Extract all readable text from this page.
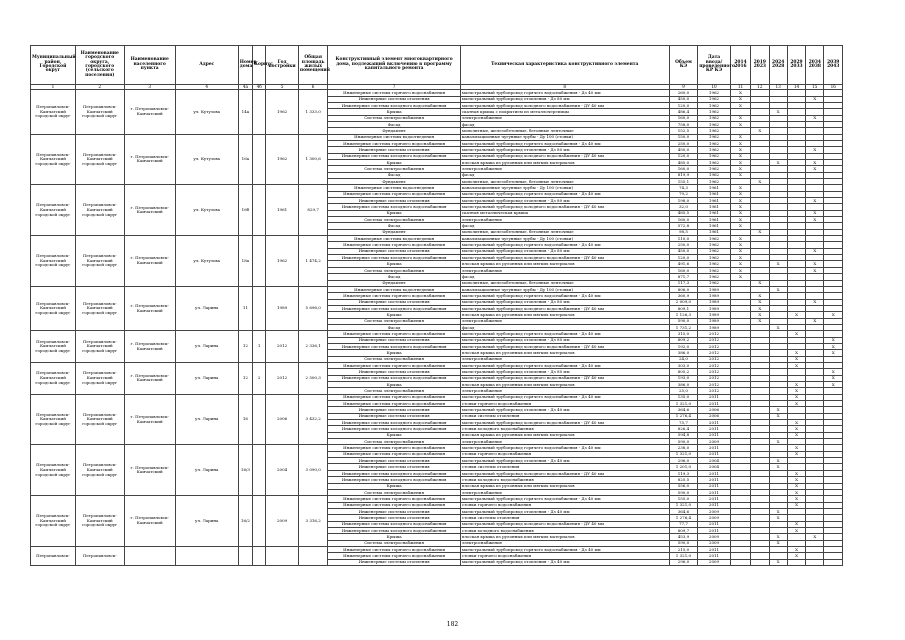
Муниципальный район, Городской округ	Наименование городского округа, городского (сельского поселения)	Наименование населенного пункта	Адрес	Номер дома	Корпус	Год постройки	Общая площадь жилых помещений	Конструктивный элемент многоквартирного дома, подлежащий включению в программу капитального ремонта	Техническая характеристика конструктивного элемента	Объем КЭ	Дата ввода/ проведенного КР КЭ	2014 2016	2019 2023	2024 2028	2029 2033	2034 2038	2039 2043
1	2	3	4	4а	4б	5	6	7	8	9	10	11	12	13	14	15	16
Петропавловск-Камчатский городской округ	Петропавловск-Камчатский городской округ	г. Петропавловск-Камчатский	ул. Кутузова	14а		1962	1 333,0	Инженерные системы горячего водоснабжения	магистральный трубопровод горячего водоснабжения - Дз 40 мм	260,0	1962	X					
								Инженерные системы отопления	магистральный трубопровод отопления - Дз 80 мм	450,0	1962	X				X	
								Инженерные системы холодного водоснабжения	магистральный трубопровод холодного водоснабжения - ДУ 40 мм	120,0	1962	X					
								Крыша	скатная крыша с покрытием из металлочерепицы	486,4	1962			X			
								Система электроснабжения	электроснабжение	160,0	1962	X				X	
								Фасад	фасад	758,0	1962	X					
								Фундамент	монолитные, железобетонные, бетонные ленточные	152,5	1962		X				
Петропавловск-Камчатский городской округ	Петропавловск-Камчатский городской округ	г. Петропавловск-Камчатский	ул. Кутузова	16а		1962	1 300,6	Инженерные системы водоотведения	канализационные чугунные трубы - Ду 100 (стояки)	150,0	1962	X					
								Инженерные системы горячего водоснабжения	магистральный трубопровод горячего водоснабжения - Дз 40 мм	250,0	1962	X					
								Инженерные системы отопления	магистральный трубопровод отопления - Дз 80 мм	450,0	1962	X				X	
								Инженерные системы холодного водоснабжения	магистральный трубопровод холодного водоснабжения - ДУ 40 мм	120,0	1962	X					
								Крыша	плоская крыша из рулонных или мягких материалов	485,0	1962	X		X		X	
								Система электроснабжения	электроснабжение	160,0	1962	X				X	
								Фасад	фасад	819,9	1962	X					
								Фундамент	монолитные, железобетонные, бетонные ленточные	155,1	1962		X				
Петропавловск-Камчатский городской округ	Петропавловск-Камчатский городской округ	г. Петропавловск-Камчатский	ул. Кутузова	16б		1961	829,7	Инженерные системы водоотведения	канализационные чугунные трубы - Ду 100 (стояки)	74,3	1961	X					
								Инженерные системы горячего водоснабжения	магистральный трубопровод горячего водоснабжения - Дз 40 мм	79,2	1961	X					
								Инженерные системы отопления	магистральный трубопровод отопления - Дз 80 мм	198,0	1961	X				X	
								Инженерные системы холодного водоснабжения	магистральный трубопровод холодного водоснабжения - ДУ 40 мм	32,0	1961	X					
								Крыша	скатная металлическая крыша	485,5	1961	X				X	
								Система электроснабжения	электроснабжение	160,0	1961	X				X	
								Фасад	фасад	572,8	1961	X					
								Фундамент	монолитные, железобетонные, бетонные ленточные	98,5	1961		X				
Петропавловск-Камчатский городской округ	Петропавловск-Камчатский городской округ	г. Петропавловск-Камчатский	ул. Кутузова	18а		1962	1 474,2	Инженерные системы водоотведения	канализационные чугунные трубы - Ду 100 (стояки)	110,0	1962	X					
								Инженерные системы горячего водоснабжения	магистральный трубопровод горячего водоснабжения - Дз 40 мм	250,0	1962	X					
								Инженерные системы отопления	магистральный трубопровод отопления - Дз 80 мм	450,0	1962	X				X	
								Инженерные системы холодного водоснабжения	магистральный трубопровод холодного водоснабжения - ДУ 40 мм	120,0	1962	X					
								Крыша	плоская крыша из рулонных или мягких материалов	491,6	1962	X		X		X	
								Система электроснабжения	электроснабжение	160,0	1962	X				X	
								Фасад	фасад	871,7	1962	X					
								Фундамент	монолитные, железобетонные, бетонные ленточные	117,3	1962		X				
Петропавловск-Камчатский городской округ	Петропавловск-Камчатский городской округ	г. Петропавловск-Камчатский	ул. Ларина	11		1989	5 696,0	Инженерные системы водоотведения	канализационные чугунные трубы - Ду 100 (стояки)	806,0	1989			X			
								Инженерные системы горячего водоснабжения	магистральный трубопровод горячего водоснабжения - Дз 40 мм	360,9	1989		X				
								Инженерные системы отопления	магистральный трубопровод отопления - Дз 80 мм	2 009,0	1989		X			X	
								Инженерные системы холодного водоснабжения	магистральный трубопровод холодного водоснабжения - ДУ 40 мм	809,1	1989		X				
								Крыша	плоская крыша из рулонных или мягких материалов	1 126,3	1989		X		X		X
								Система электроснабжения	электроснабжение	590,0	1989		X			X	
								Фасад	фасад	1 731,2	1989			X			
Петропавловск-Камчатский городской округ	Петропавловск-Камчатский городской округ	г. Петропавловск-Камчатский	ул. Ларина	12	1	2012	2 336,1	Инженерные системы горячего водоснабжения	магистральный трубопровод горячего водоснабжения - Дз 40 мм	315,0	2012				X		
								Инженерные системы отопления	магистральный трубопровод отопления - Дз 80 мм	809,2	2012						X
								Инженерные системы холодного водоснабжения	магистральный трубопровод холодного водоснабжения - ДУ 40 мм	192,0	2012						X
								Крыша	плоская крыша из рулонных или мягких материалов	386,0	2012				X		X
								Система электроснабжения	электроснабжение	24,0	2012				X		
Петропавловск-Камчатский городской округ	Петропавловск-Камчатский городской округ	г. Петропавловск-Камчатский	ул. Ларина	12	2	2012	2 500,3	Инженерные системы горячего водоснабжения	магистральный трубопровод горячего водоснабжения - Дз 40 мм	303,0	2012				X		
								Инженерные системы отопления	магистральный трубопровод отопления - Дз 80 мм	805,2	2012						X
								Инженерные системы холодного водоснабжения	магистральный трубопровод холодного водоснабжения - ДУ 40 мм	193,0	2012						X
								Крыша	плоская крыша из рулонных или мягких материалов	386,0	2012				X		X
								Система электроснабжения	электроснабжение	25,0	2012				X		
Петропавловск-Камчатский городской округ	Петропавловск-Камчатский городской округ	г. Петропавловск-Камчатский	ул. Ларина	16		2006	3 432,2	Инженерные системы горячего водоснабжения	магистральный трубопровод горячего водоснабжения - Дз 40 мм	135,0	2011				X		
								Инженерные системы горячего водоснабжения	стояки горячего водоснабжения	1 321,0	2011				X		
								Инженерные системы отопления	магистральный трубопровод отопления - Дз 40 мм	364,6	2006			X			
								Инженерные системы отопления	стояки системы отопления	1 276,4	2006			X			
								Инженерные системы холодного водоснабжения	магистральный трубопровод холодного водоснабжения - ДУ 40 мм	75,7	2011				X		
								Инженерные системы холодного водоснабжения	стояки холодного водоснабжения	826,4	2011				X		
								Крыша	плоская крыша из рулонных или мягких материалов	594,8	2011				X		
								Система электроснабжения	электроснабжение	590,0	2009			X			
Петропавловск-Камчатский городской округ	Петропавловск-Камчатский городской округ	г. Петропавловск-Камчатский	ул. Ларина	16/3		2004	3 090,0	Инженерные системы горячего водоснабжения	магистральный трубопровод горячего водоснабжения - Дз 40 мм	238,0	2011				X		
								Инженерные системы горячего водоснабжения	стояки горячего водоснабжения	1 321,0	2011				X		
								Инженерные системы отопления	магистральный трубопровод отопления - Дз 40 мм	296,0	2004			X			
								Инженерные системы отопления	стояки системы отопления	1 201,0	2004			X			
								Инженерные системы холодного водоснабжения	магистральный трубопровод холодного водоснабжения - ДУ 40 мм	119,3	2011				X		
								Инженерные системы холодного водоснабжения	стояки холодного водоснабжения	825,5	2011				X		
								Крыша	плоская крыша из рулонных или мягких материалов	556,0	2011				X		
								Система электроснабжения	электроснабжение	590,0	2011				X		
Петропавловск-Камчатский городской округ	Петропавловск-Камчатский городской округ	г. Петропавловск-Камчатский	ул. Ларина	16/2		2009	3 316,2	Инженерные системы горячего водоснабжения	магистральный трубопровод горячего водоснабжения - Дз 40 мм	155,0	2011				X		
								Инженерные системы горячего водоснабжения	стояки горячего водоснабжения	1 321,0	2011				X		
								Инженерные системы отопления	магистральный трубопровод отопления - Дз 40 мм	364,6	2009			X			
								Инженерные системы отопления	стояки системы отопления	1 276,4	2009			X			
								Инженерные системы холодного водоснабжения	магистральный трубопровод холодного водоснабжения - ДУ 40 мм	77,7	2011				X		
								Инженерные системы холодного водоснабжения	стояки холодного водоснабжения	809,7	2011				X		
								Крыша	плоская крыша из рулонных или мягких материалов	453,9	2009			X		X	
								Система электроснабжения	электроснабжение	590,0	2009			X			
Петропавловск-	Петропавловск-							Инженерные системы горячего водоснабжения	магистральный трубопровод горячего водоснабжения - Дз 40 мм	215,0	2011				X		
								Инженерные системы горячего водоснабжения	стояки горячего водоснабжения	1 321,0	2011				X		
								Инженерные системы отопления	магистральный трубопровод отопления - Дз 40 мм	296,0	2009			X			
182
